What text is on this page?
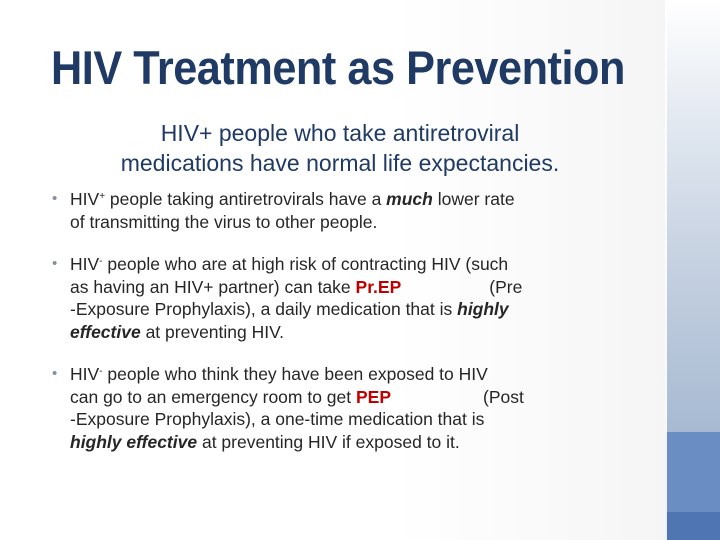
HIV Treatment as Prevention
HIV+ people who take antiretroviral
medications have normal life expectancies.
• HIV+ people taking antiretrovirals have a much lower rate
of transmitting the virus to other people.
• HIV- people who are at high risk of contracting HIV (such
as having an HIV+ partner) can take Pr.EP	(Pre
-Exposure Prophylaxis), a daily medication that is highly
effective at preventing HIV.
• HIV- people who think they have been exposed to HIV
can go to an emergency room to get PEP	(Post
-Exposure Prophylaxis), a one-time medication that is
highly effective at preventing HIV if exposed to it.
